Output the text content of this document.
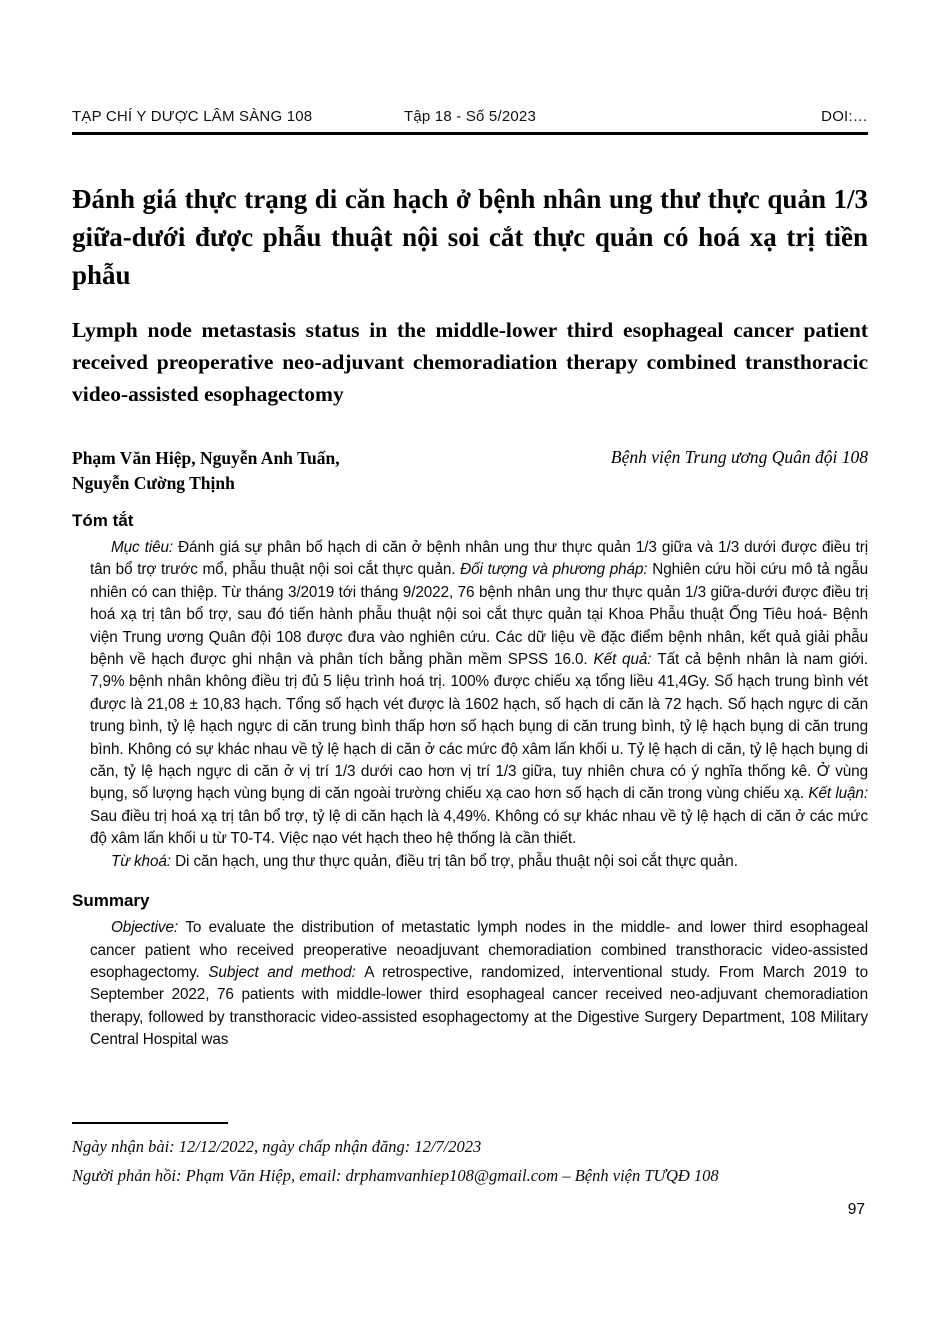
TẠP CHÍ Y DƯỢC LÂM SÀNG 108	Tập 18 - Số 5/2023	DOI:…
Đánh giá thực trạng di căn hạch ở bệnh nhân ung thư thực quản 1/3 giữa-dưới được phẫu thuật nội soi cắt thực quản có hoá xạ trị tiền phẫu
Lymph node metastasis status in the middle-lower third esophageal cancer patient received preoperative neo-adjuvant chemoradiation therapy combined transthoracic video-assisted esophagectomy
Phạm Văn Hiệp, Nguyễn Anh Tuấn,
Nguyễn Cường Thịnh
Bệnh viện Trung ương Quân đội 108
Tóm tắt

Mục tiêu: Đánh giá sự phân bố hạch di căn ở bệnh nhân ung thư thực quản 1/3 giữa và 1/3 dưới được điều trị tân bổ trợ trước mổ, phẫu thuật nội soi cắt thực quản. Đối tượng và phương pháp: Nghiên cứu hồi cứu mô tả ngẫu nhiên có can thiệp. Từ tháng 3/2019 tới tháng 9/2022, 76 bệnh nhân ung thư thực quản 1/3 giữa-dưới được điều trị hoá xạ trị tân bổ trợ, sau đó tiến hành phẫu thuật nội soi cắt thực quản tại Khoa Phẫu thuật Ống Tiêu hoá- Bệnh viện Trung ương Quân đội 108 được đưa vào nghiên cứu. Các dữ liệu về đặc điểm bệnh nhân, kết quả giải phẫu bệnh về hạch được ghi nhận và phân tích bằng phần mềm SPSS 16.0. Kết quả: Tất cả bệnh nhân là nam giới. 7,9% bệnh nhân không điều trị đủ 5 liệu trình hoá trị. 100% được chiếu xạ tổng liều 41,4Gy. Số hạch trung bình vét được là 21,08 ± 10,83 hạch. Tổng số hạch vét được là 1602 hạch, số hạch di căn là 72 hạch. Số hạch ngực di căn trung bình, tỷ lệ hạch ngực di căn trung bình thấp hơn số hạch bụng di căn trung bình, tỷ lệ hạch bụng di căn trung bình. Không có sự khác nhau về tỷ lệ hạch di căn ở các mức độ xâm lấn khối u. Tỷ lệ hạch di căn, tỷ lệ hạch bụng di căn, tỷ lệ hạch ngực di căn ở vị trí 1/3 dưới cao hơn vị trí 1/3 giữa, tuy nhiên chưa có ý nghĩa thống kê. Ở vùng bụng, số lượng hạch vùng bụng di căn ngoài trường chiếu xạ cao hơn số hạch di căn trong vùng chiếu xạ. Kết luận: Sau điều trị hoá xạ trị tân bổ trợ, tỷ lệ di căn hạch là 4,49%. Không có sự khác nhau về tỷ lệ hạch di căn ở các mức độ xâm lấn khối u từ T0-T4. Việc nạo vét hạch theo hệ thống là cần thiết.

Từ khoá: Di căn hạch, ung thư thực quản, điều trị tân bổ trợ, phẫu thuật nội soi cắt thực quản.

Summary

Objective: To evaluate the distribution of metastatic lymph nodes in the middle- and lower third esophageal cancer patient who received preoperative neoadjuvant chemoradiation combined transthoracic video-assisted esophagectomy. Subject and method: A retrospective, randomized, interventional study. From March 2019 to September 2022, 76 patients with middle-lower third esophageal cancer received neo-adjuvant chemoradiation therapy, followed by transthoracic video-assisted esophagectomy at the Digestive Surgery Department, 108 Military Central Hospital was

Ngày nhận bài: 12/12/2022, ngày chấp nhận đăng: 12/7/2023
Người phản hồi: Phạm Văn Hiệp, email: drphamvanhiep108@gmail.com – Bệnh viện TƯQĐ 108
97
